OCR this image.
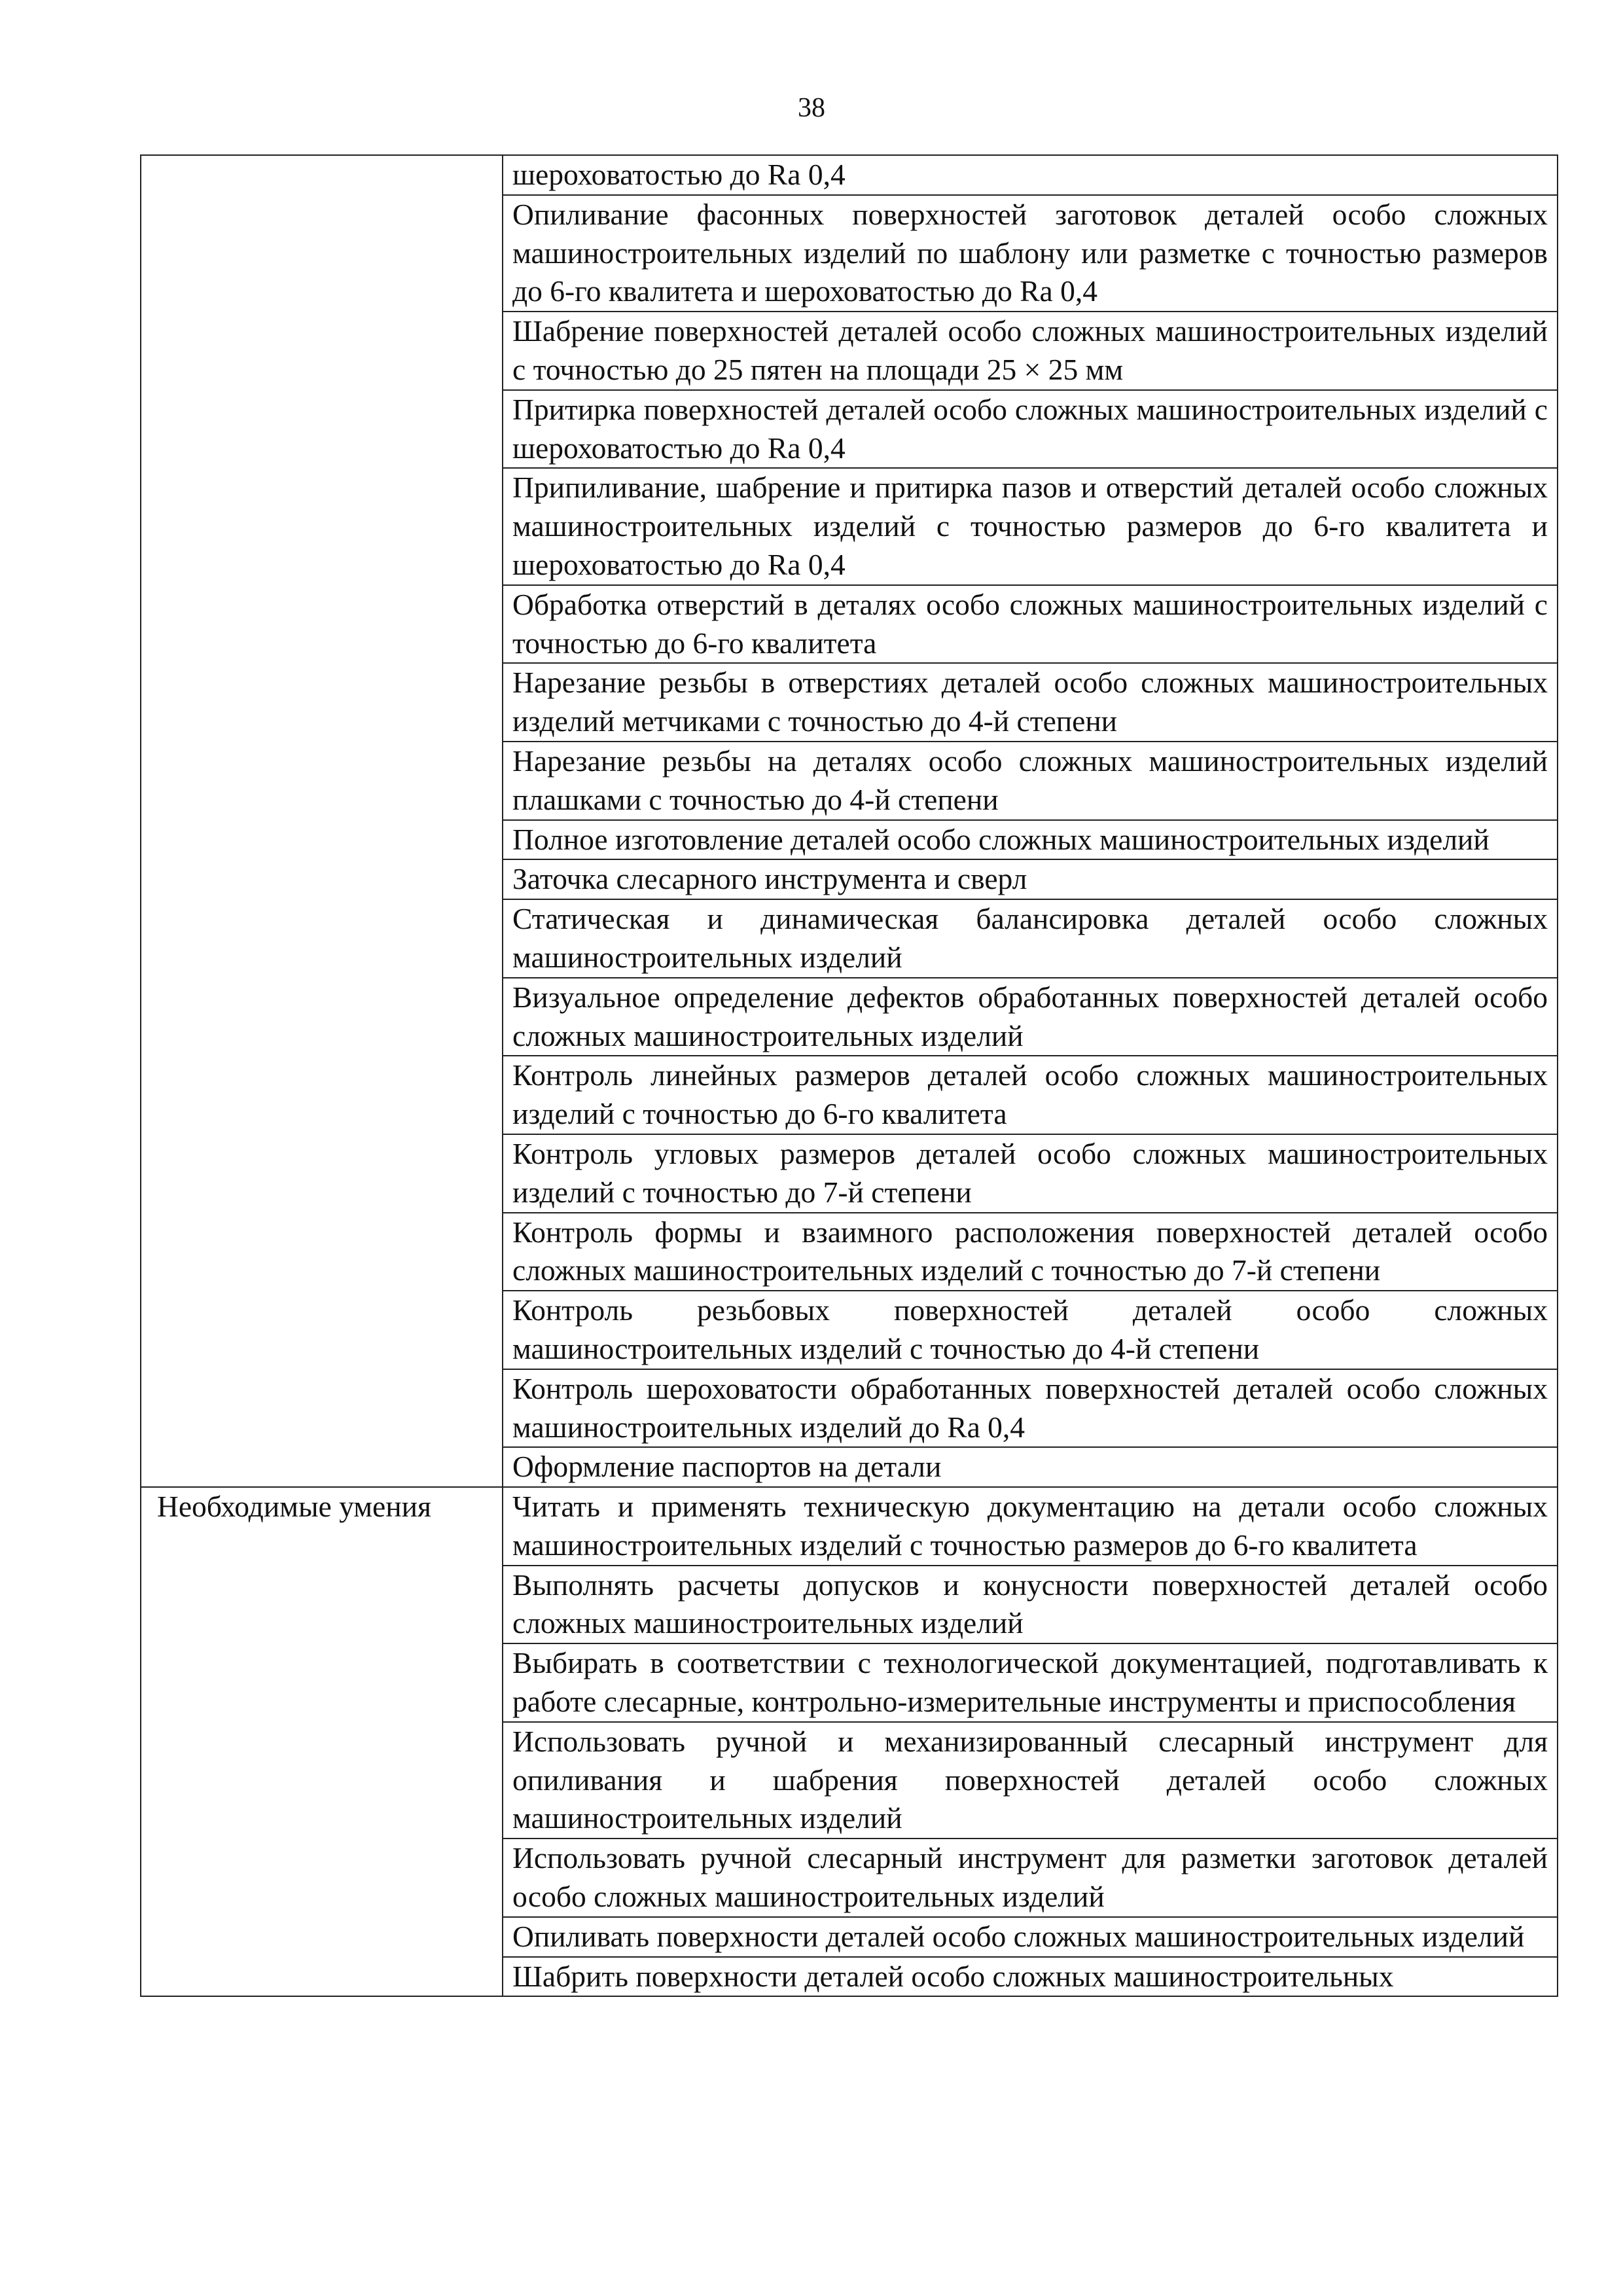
38
	шероховатостью до Ra 0,4
	Опиливание фасонных поверхностей заготовок деталей особо сложных машиностроительных изделий по шаблону или разметке с точностью размеров до 6-го квалитета и шероховатостью до Ra 0,4
	Шабрение поверхностей деталей особо сложных машиностроительных изделий с точностью до 25 пятен на площади 25 × 25 мм
	Притирка поверхностей деталей особо сложных машиностроительных изделий с шероховатостью до Ra 0,4
	Припиливание, шабрение и притирка пазов и отверстий деталей особо сложных машиностроительных изделий с точностью размеров до 6-го квалитета и шероховатостью до Ra 0,4
	Обработка отверстий в деталях особо сложных машиностроительных изделий с точностью до 6-го квалитета
	Нарезание резьбы в отверстиях деталей особо сложных машиностроительных изделий метчиками с точностью до 4-й степени
	Нарезание резьбы на деталях особо сложных машиностроительных изделий плашками с точностью до 4-й степени
	Полное изготовление деталей особо сложных машиностроительных изделий
	Заточка слесарного инструмента и сверл
	Статическая и динамическая балансировка деталей особо сложных машиностроительных изделий
	Визуальное определение дефектов обработанных поверхностей деталей особо сложных машиностроительных изделий
	Контроль линейных размеров деталей особо сложных машиностроительных изделий с точностью до 6-го квалитета
	Контроль угловых размеров деталей особо сложных машиностроительных изделий с точностью до 7-й степени
	Контроль формы и взаимного расположения поверхностей деталей особо сложных машиностроительных изделий с точностью до 7-й степени
	Контроль резьбовых поверхностей деталей особо сложных машиностроительных изделий с точностью до 4-й степени
	Контроль шероховатости обработанных поверхностей деталей особо сложных машиностроительных изделий до Ra 0,4
	Оформление паспортов на детали
Необходимые умения	Читать и применять техническую документацию на детали особо сложных машиностроительных изделий с точностью размеров до 6-го квалитета
	Выполнять расчеты допусков и конусности поверхностей деталей особо сложных машиностроительных изделий
	Выбирать в соответствии с технологической документацией, подготавливать к работе слесарные, контрольно-измерительные инструменты и приспособления
	Использовать ручной и механизированный слесарный инструмент для опиливания и шабрения поверхностей деталей особо сложных машиностроительных изделий
	Использовать ручной слесарный инструмент для разметки заготовок деталей особо сложных машиностроительных изделий
	Опиливать поверхности деталей особо сложных машиностроительных изделий
	Шабрить поверхности деталей особо сложных машиностроительных
